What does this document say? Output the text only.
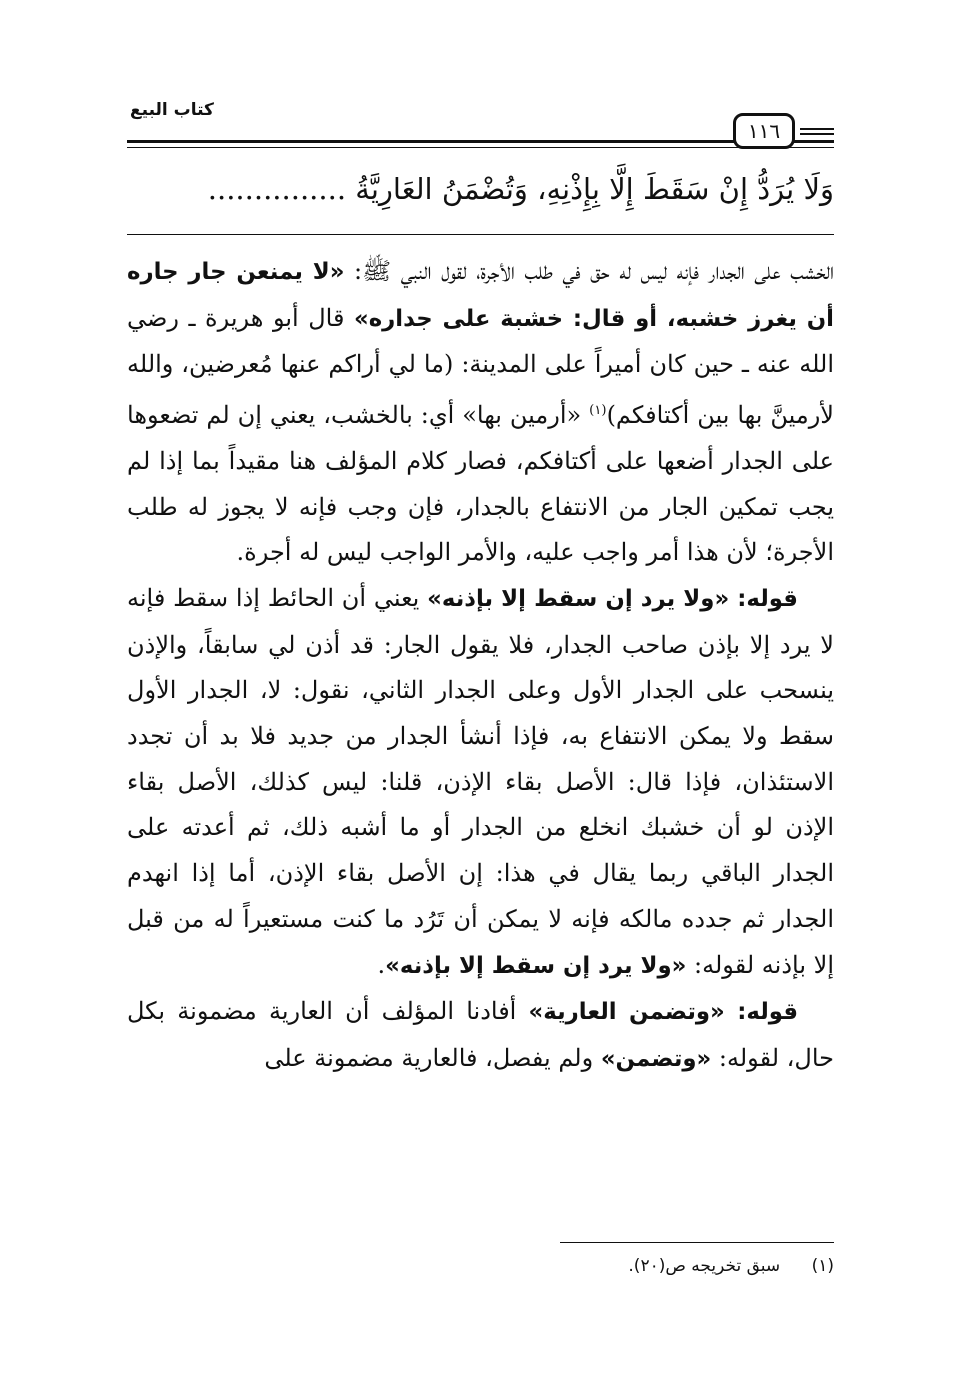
كتاب البيع
١١٦
وَلَا يُرَدُّ إِنْ سَقَطَ إِلَّا بِإِذْنِهِ، وَتُضْمَنُ العَارِيَّةُ ...............

الخشب على الجدار فإنه ليس له حق في طلب الأجرة، لقول النبي ﷺ: «لا يمنعن جار جاره أن يغرز خشبه، أو قال: خشبة على جداره» قال أبو هريرة ـ رضي الله عنه ـ حين كان أميراً على المدينة: (ما لي أراكم عنها مُعرضين، والله لأرمينَّ بها بين أكتافكم)$^{(١)}$ «أرمين بها» أي: بالخشب، يعني إن لم تضعوها على الجدار أضعها على أكتافكم، فصار كلام المؤلف هنا مقيداً بما إذا لم يجب تمكين الجار من الانتفاع بالجدار، فإن وجب فإنه لا يجوز له طلب الأجرة؛ لأن هذا أمر واجب عليه، والأمر الواجب ليس له أجرة.

قوله: «ولا يرد إن سقط إلا بإذنه» يعني أن الحائط إذا سقط فإنه لا يرد إلا بإذن صاحب الجدار، فلا يقول الجار: قد أذن لي سابقاً، والإذن ينسحب على الجدار الأول وعلى الجدار الثاني، نقول: لا، الجدار الأول سقط ولا يمكن الانتفاع به، فإذا أنشأ الجدار من جديد فلا بد أن تجدد الاستئذان، فإذا قال: الأصل بقاء الإذن، قلنا: ليس كذلك، الأصل بقاء الإذن لو أن خشبك انخلع من الجدار أو ما أشبه ذلك، ثم أعدته على الجدار الباقي ربما يقال في هذا: إن الأصل بقاء الإذن، أما إذا انهدم الجدار ثم جدده مالكه فإنه لا يمكن أن تَرُد ما كنت مستعيراً له من قبل إلا بإذنه لقوله: «ولا يرد إن سقط إلا بإذنه».

قوله: «وتضمن العارية» أفادنا المؤلف أن العارية مضمونة بكل حال، لقوله: «وتضمن» ولم يفصل، فالعارية مضمونة على

(١) سبق تخريجه ص(٢٠).
